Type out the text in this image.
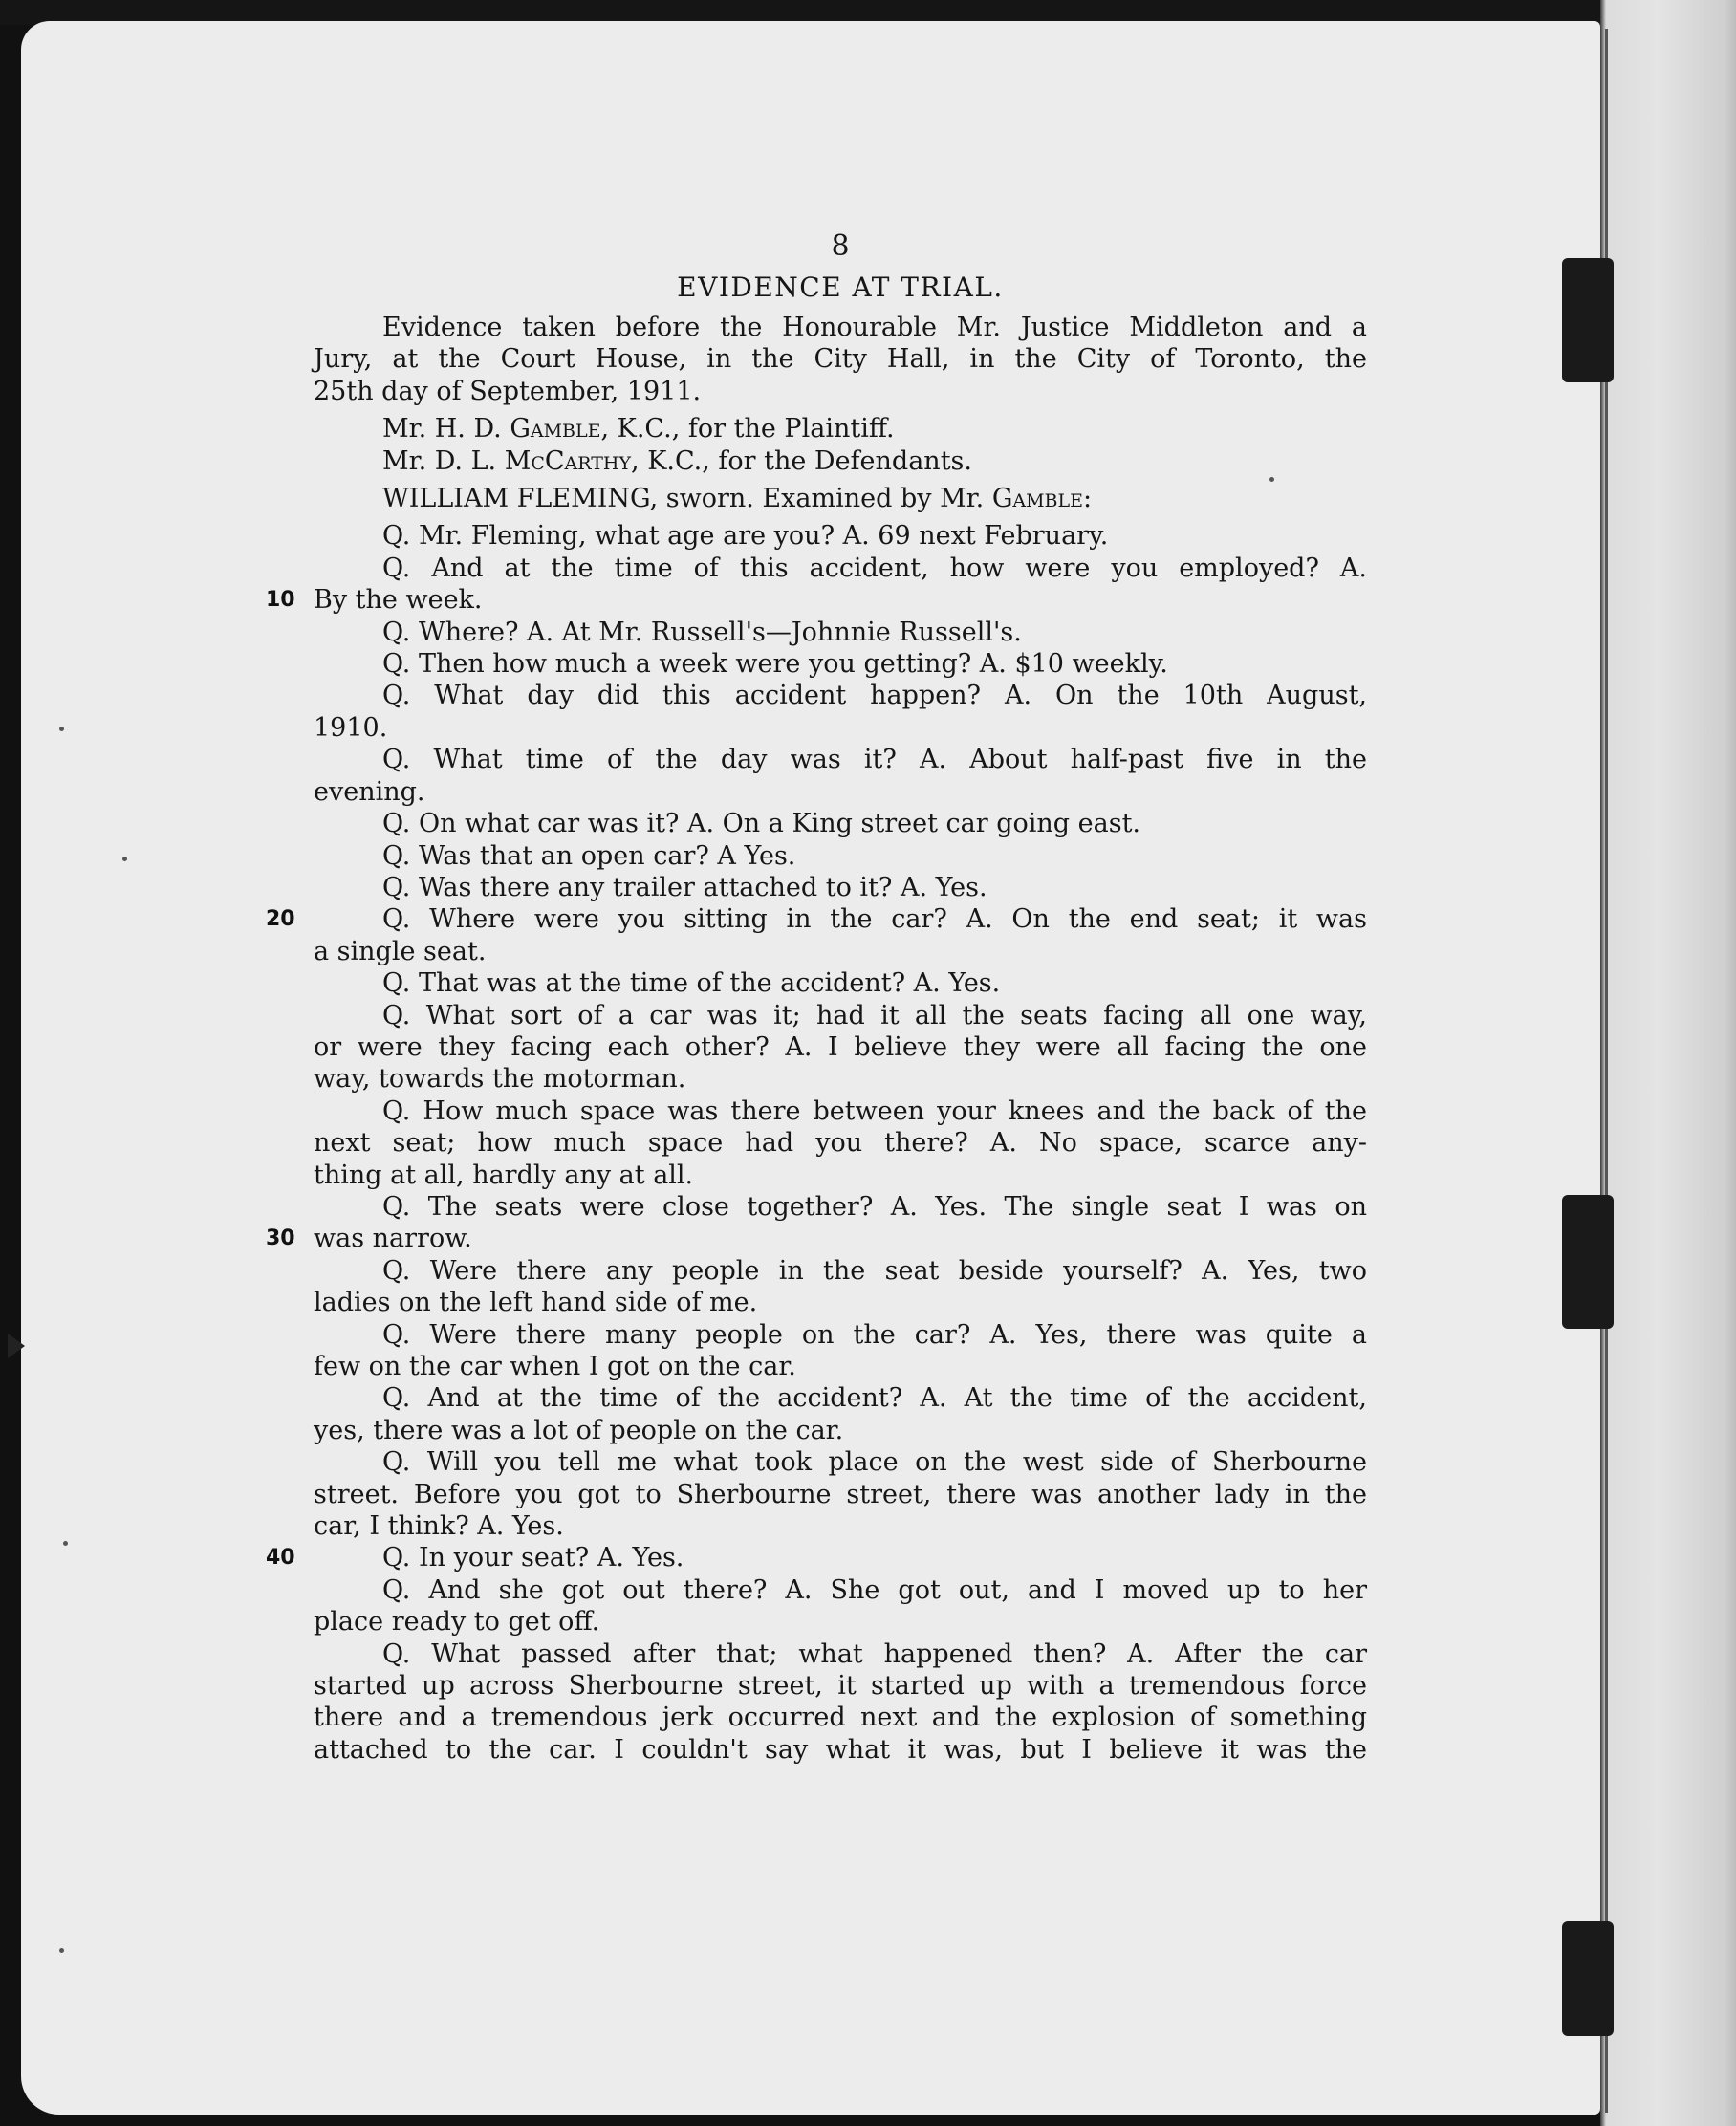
8
EVIDENCE AT TRIAL.
Evidence taken before the Honourable Mr. Justice Middleton and a
Jury, at the Court House, in the City Hall, in the City of Toronto, the
25th day of September, 1911.
Mr. H. D. Gamble, K.C., for the Plaintiff.
Mr. D. L. McCarthy, K.C., for the Defendants.
WILLIAM FLEMING, sworn. Examined by Mr. Gamble:
Q. Mr. Fleming, what age are you? A. 69 next February.
Q. And at the time of this accident, how were you employed? A.
10 By the week.
Q. Where? A. At Mr. Russell's—Johnnie Russell's.
Q. Then how much a week were you getting? A. $10 weekly.
Q. What day did this accident happen? A. On the 10th August,
1910.
Q. What time of the day was it? A. About half-past five in the
evening.
Q. On what car was it? A. On a King street car going east.
Q. Was that an open car? A Yes.
Q. Was there any trailer attached to it? A. Yes.
20	Q. Where were you sitting in the car? A. On the end seat; it was
a single seat.
Q. That was at the time of the accident? A. Yes.
Q. What sort of a car was it; had it all the seats facing all one way,
or were they facing each other? A. I believe they were all facing the one
way, towards the motorman.
Q. How much space was there between your knees and the back of the
next seat; how much space had you there? A. No space, scarce any-
thing at all, hardly any at all.
Q. The seats were close together? A. Yes. The single seat I was on
30 was narrow.
Q. Were there any people in the seat beside yourself? A. Yes, two
ladies on the left hand side of me.
Q. Were there many people on the car? A. Yes, there was quite a
few on the car when I got on the car.
Q. And at the time of the accident? A. At the time of the accident,
yes, there was a lot of people on the car.
Q. Will you tell me what took place on the west side of Sherbourne
street. Before you got to Sherbourne street, there was another lady in the
car, I think? A. Yes.
40	Q. In your seat? A. Yes.
Q. And she got out there? A. She got out, and I moved up to her
place ready to get off.
Q. What passed after that; what happened then? A. After the car
started up across Sherbourne street, it started up with a tremendous force
there and a tremendous jerk occurred next and the explosion of something
attached to the car. I couldn't say what it was, but I believe it was the
